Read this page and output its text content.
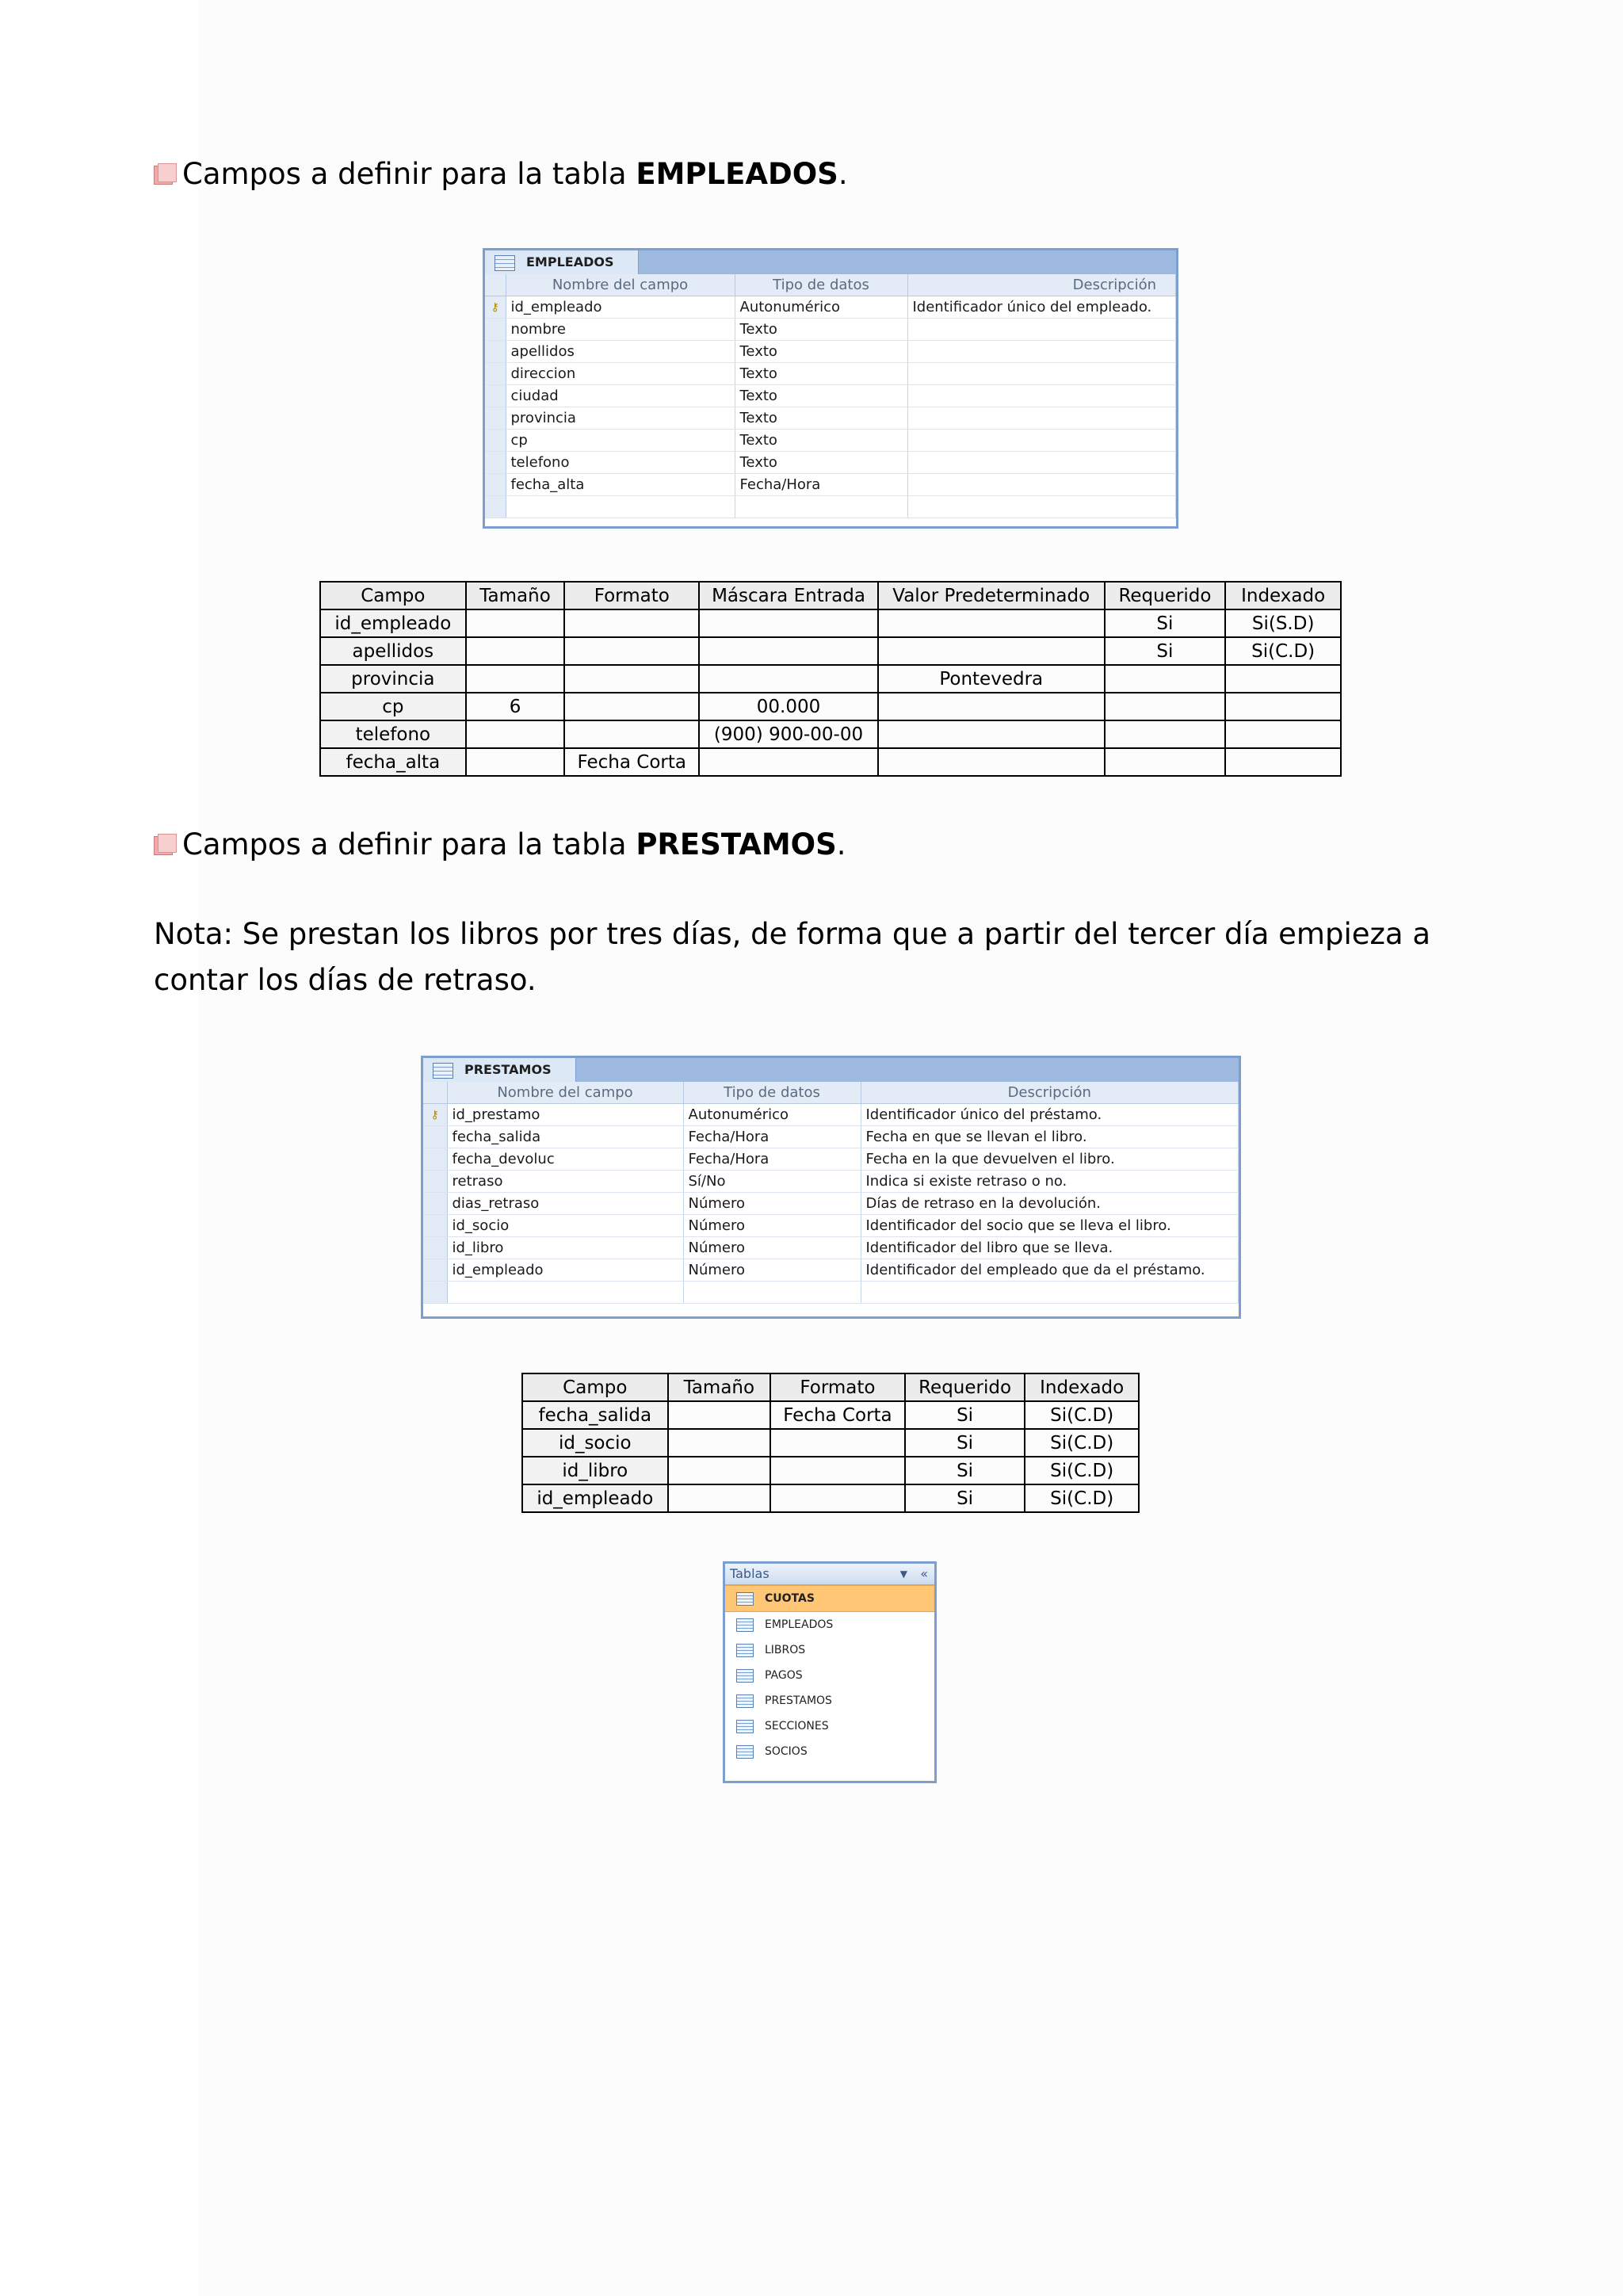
Campos a definir para la tabla EMPLEADOS.
EMPLEADOS
	Nombre del campo	Tipo de datos	Descripción
⚷	id_empleado	Autonumérico	Identificador único del empleado.
	nombre	Texto	
	apellidos	Texto	
	direccion	Texto	
	ciudad	Texto	
	provincia	Texto	
	cp	Texto	
	telefono	Texto	
	fecha_alta	Fecha/Hora	

Campo	Tamaño	Formato	Máscara Entrada	Valor Predeterminado	Requerido	Indexado
id_empleado					Si	Si(S.D)
apellidos					Si	Si(C.D)
provincia				Pontevedra		
cp	6		00.000			
telefono			(900) 900-00-00			
fecha_alta		Fecha Corta				
Campos a definir para la tabla PRESTAMOS.
Nota: Se prestan los libros por tres días, de forma que a partir del tercer día empieza a contar los días de retraso.
PRESTAMOS
	Nombre del campo	Tipo de datos	Descripción
⚷	id_prestamo	Autonumérico	Identificador único del préstamo.
	fecha_salida	Fecha/Hora	Fecha en que se llevan el libro.
	fecha_devoluc	Fecha/Hora	Fecha en la que devuelven el libro.
	retraso	Sí/No	Indica si existe retraso o no.
	dias_retraso	Número	Días de retraso en la devolución.
	id_socio	Número	Identificador del socio que se lleva el libro.
	id_libro	Número	Identificador del libro que se lleva.
	id_empleado	Número	Identificador del empleado que da el préstamo.

Campo	Tamaño	Formato	Requerido	Indexado
fecha_salida		Fecha Corta	Si	Si(C.D)
id_socio			Si	Si(C.D)
id_libro			Si	Si(C.D)
id_empleado			Si	Si(C.D)
Tablas	▼ «
CUOTAS
EMPLEADOS
LIBROS
PAGOS
PRESTAMOS
SECCIONES
SOCIOS
